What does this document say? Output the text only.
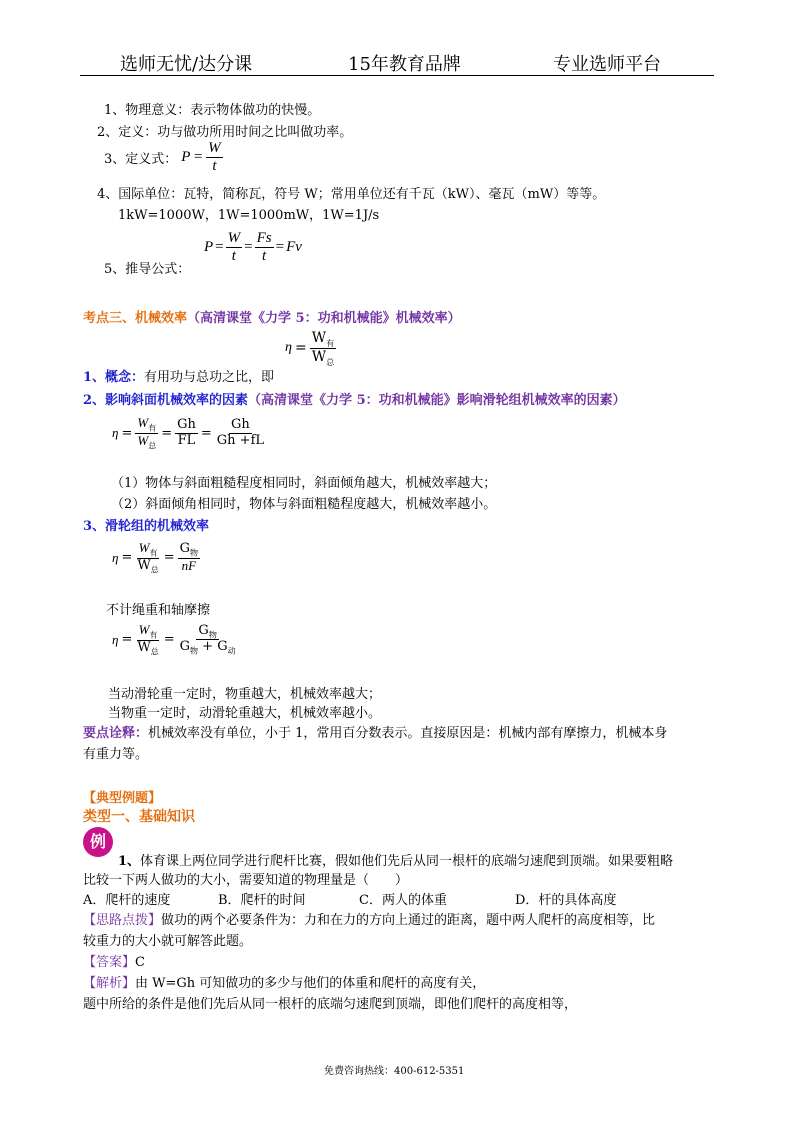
选师无忧/达分课	15年教育品牌	专业选师平台
1、物理意义：表示物体做功的快慢。
2、定义：功与做功所用时间之比叫做功率。
3、定义式： $P = \frac{W}{t}$
4、国际单位：瓦特，简称瓦，符号 W；常用单位还有千瓦（kW）、毫瓦（mW）等等。
1kW=1000W，1W=1000mW，1W=1J/s
$P = \frac{W}{t} = \frac{Fs}{t} = Fv$
5、推导公式：
考点三、机械效率（高清课堂《力学 5：功和机械能》机械效率）
$\eta = \frac{W_有}{W_总}$
1、概念：有用功与总功之比，即
2、影响斜面机械效率的因素（高清课堂《力学 5：功和机械能》影响滑轮组机械效率的因素）
$\eta = \frac{W_有}{W_总} = \frac{Gh}{FL} = \frac{Gh}{Gh +fL}$
（1）物体与斜面粗糙程度相同时，斜面倾角越大，机械效率越大；
（2）斜面倾角相同时，物体与斜面粗糙程度越大，机械效率越小。
3、滑轮组的机械效率
$\eta = \frac{W_有}{W_总} = \frac{G_物}{nF}$
不计绳重和轴摩擦
$\eta = \frac{W_有}{W_总} = \frac{G_物}{G_物 + G_动}$
当动滑轮重一定时，物重越大，机械效率越大；
当物重一定时，动滑轮重越大，机械效率越小。
要点诠释：机械效率没有单位，小于 1，常用百分数表示。直接原因是：机械内部有摩擦力，机械本身
有重力等。
【典型例题】
类型一、基础知识
例
1、体育课上两位同学进行爬杆比赛，假如他们先后从同一根杆的底端匀速爬到顶端。如果要粗略
比较一下两人做功的大小，需要知道的物理量是（　　）
A．爬杆的速度	B．爬杆的时间	C．两人的体重	D．杆的具体高度
【思路点拨】做功的两个必要条件为：力和在力的方向上通过的距离，题中两人爬杆的高度相等，比
较重力的大小就可解答此题。
【答案】C
【解析】由 W=Gh 可知做功的多少与他们的体重和爬杆的高度有关，
题中所给的条件是他们先后从同一根杆的底端匀速爬到顶端，即他们爬杆的高度相等，
免费咨询热线：400-612-5351
